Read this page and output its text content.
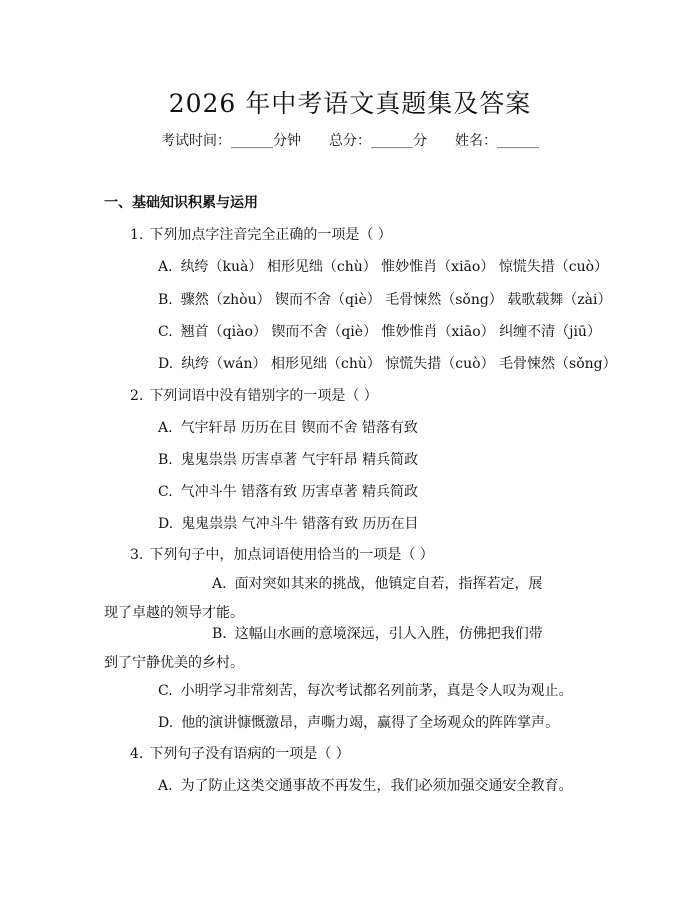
2026 年中考语文真题集及答案
考试时间：______分钟 总分：______分 姓名：______
一、基础知识积累与运用
1. 下列加点字注音完全正确的一项是（ ）
A. 纨绔（kuà） 相形见绌（chù） 惟妙惟肖（xiāo） 惊慌失措（cuò）
B. 骤然（zhòu） 锲而不舍（qiè） 毛骨悚然（sǒng） 载歌载舞（zài）
C. 翘首（qiào） 锲而不舍（qiè） 惟妙惟肖（xiāo） 纠缠不清（jiū）
D. 纨绔（wán） 相形见绌（chù） 惊慌失措（cuò） 毛骨悚然（sǒng）
2. 下列词语中没有错别字的一项是（ ）
A. 气宇轩昂 历历在目 锲而不舍 错落有致
B. 鬼鬼祟祟 历害卓著 气宇轩昂 精兵简政
C. 气冲斗牛 错落有致 历害卓著 精兵简政
D. 鬼鬼祟祟 气冲斗牛 错落有致 历历在目
3. 下列句子中，加点词语使用恰当的一项是（ ）
A. 面对突如其来的挑战，他镇定自若，指挥若定，展现了卓越的领导才能。
B. 这幅山水画的意境深远，引人入胜，仿佛把我们带到了宁静优美的乡村。
C. 小明学习非常刻苦，每次考试都名列前茅，真是令人叹为观止。
D. 他的演讲慷慨激昂，声嘶力竭，赢得了全场观众的阵阵掌声。
4. 下列句子没有语病的一项是（ ）
A. 为了防止这类交通事故不再发生，我们必须加强交通安全教育。
